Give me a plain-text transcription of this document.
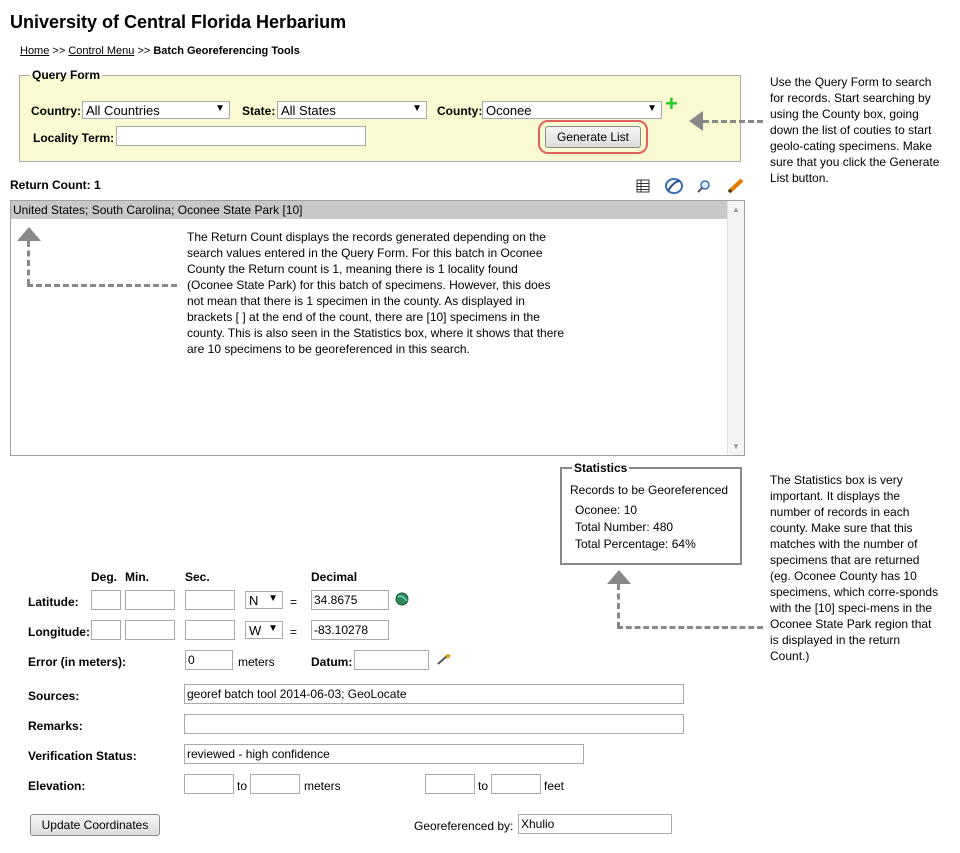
University of Central Florida Herbarium
Home >> Control Menu >> Batch Georeferencing Tools
Query Form
Country: All Countries	▼ State: All States	▼ County: Oconee	▼ +
Locality Term:	Generate List
Use the Query Form to search for records. Start searching by using the County box, going down the list of couties to start geolo-cating specimens. Make sure that you click the Generate List button.
Return Count: 1
United States; South Carolina; Oconee State Park [10]	▲
▼
The Return Count displays the records generated depending on the search values entered in the Query Form. For this batch in Oconee County the Return count is 1, meaning there is 1 locality found (Oconee State Park) for this batch of specimens. However, this does not mean that there is 1 specimen in the county. As displayed in brackets [ ] at the end of the count, there are [10] specimens in the county. This is also seen in the Statistics box, where it shows that there are 10 specimens to be georeferenced in this search.
Statistics
Records to be Georeferenced
Oconee: 10
Total Number: 480
Total Percentage: 64%
The Statistics box is very important. It displays the number of records in each county. Make sure that this matches with the number of specimens that are returned (eg. Oconee County has 10 specimens, which corre-sponds with the [10] speci-mens in the Oconee State Park region that is displayed in the return Count.)
Deg. Min.	Sec.	Decimal
Latitude:	N ▼ = 34.8675
Longitude:	W ▼ = -83.10278
Error (in meters):	0	meters	Datum:
Sources:	georef batch tool 2014-06-03; GeoLocate
Remarks:
Verification Status:	reviewed - high confidence
Elevation:	to	meters	to	feet
Update Coordinates	Georeferenced by: Xhulio
